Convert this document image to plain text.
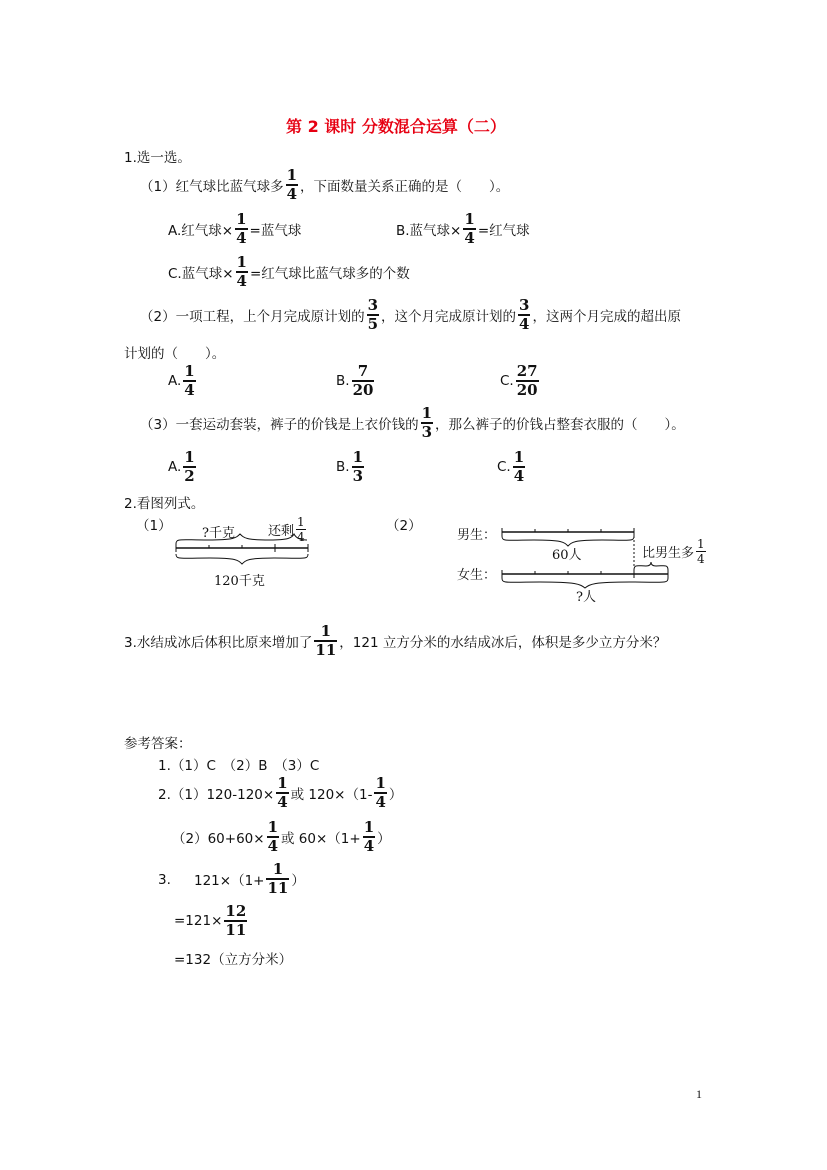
第 2 课时 分数混合运算（二）
1.选一选。
（1）红气球比蓝气球多 $\frac{1}{4}$ ，下面数量关系正确的是（　　）。
A.红气球× $\frac{1}{4}$ =蓝气球	B.蓝气球× $\frac{1}{4}$ =红气球
C.蓝气球× $\frac{1}{4}$ =红气球比蓝气球多的个数
（2）一项工程，上个月完成原计划的 $\frac{3}{5}$ ，这个月完成原计划的 $\frac{3}{4}$ ，这两个月完成的超出原
计划的（　　）。
A. $\frac{1}{4}$	B. $\frac{7}{20}$	C. $\frac{27}{20}$
（3）一套运动套装，裤子的价钱是上衣价钱的 $\frac{1}{3}$ ，那么裤子的价钱占整套衣服的（　　）。
A. $\frac{1}{2}$	B. $\frac{1}{3}$	C. $\frac{1}{4}$
2.看图列式。
（1）	（2）
?千克	还剩 $\frac{1}{4}$
120千克
男生：
60人
女生：
?人
比男生多 $\frac{1}{4}$
3.水结成冰后体积比原来增加了 $\frac{1}{11}$ ，121 立方分米的水结成冰后，体积是多少立方分米？
参考答案：
1.（1）C　（2）B　（3）C
$2.(1)120-120\times \frac{1}{4}$ 或 $120\times(1- \frac{1}{4}$ ）
$(2)60+60\times \frac{1}{4}$ 或 $60\times(1+ \frac{1}{4}$ ）
3. $121\times(1+ \frac{1}{11}$ ）
$=121\times \frac{12}{11}$
=132（立方分米）
1
